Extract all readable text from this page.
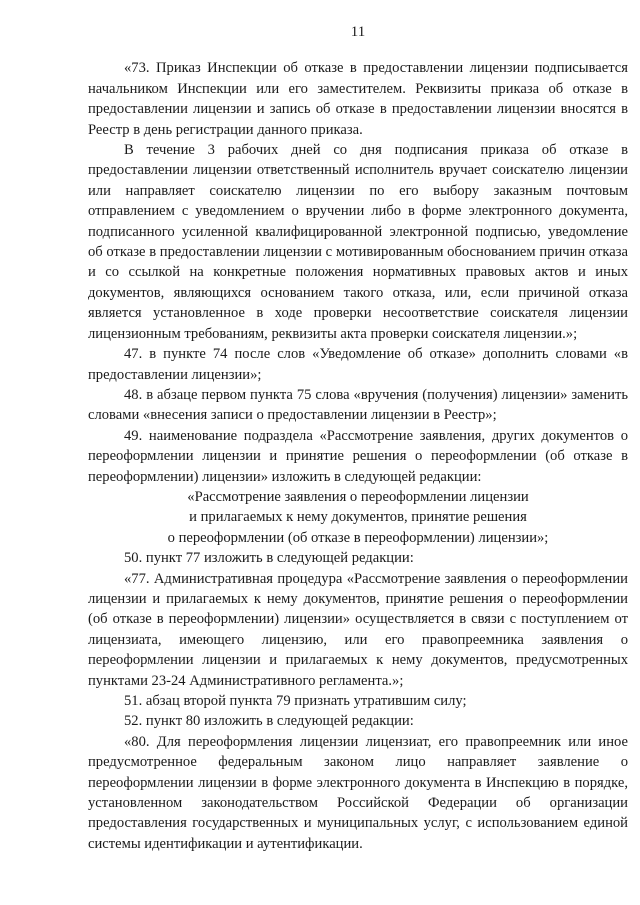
11

«73. Приказ Инспекции об отказе в предоставлении лицензии подписывается начальником Инспекции или его заместителем. Реквизиты приказа об отказе в предоставлении лицензии и запись об отказе в предоставлении лицензии вносятся в Реестр в день регистрации данного приказа.

В течение 3 рабочих дней со дня подписания приказа об отказе в предоставлении лицензии ответственный исполнитель вручает соискателю лицензии или направляет соискателю лицензии по его выбору заказным почтовым отправлением с уведомлением о вручении либо в форме электронного документа, подписанного усиленной квалифицированной электронной подписью, уведомление об отказе в предоставлении лицензии с мотивированным обоснованием причин отказа и со ссылкой на конкретные положения нормативных правовых актов и иных документов, являющихся основанием такого отказа, или, если причиной отказа является установленное в ходе проверки несоответствие соискателя лицензии лицензионным требованиям, реквизиты акта проверки соискателя лицензии.»;

47. в пункте 74 после слов «Уведомление об отказе» дополнить словами «в предоставлении лицензии»;

48. в абзаце первом пункта 75 слова «вручения (получения) лицензии» заменить словами «внесения записи о предоставлении лицензии в Реестр»;

49. наименование подраздела «Рассмотрение заявления, других документов о переоформлении лицензии и принятие решения о переоформлении (об отказе в переоформлении) лицензии» изложить в следующей редакции:

«Рассмотрение заявления о переоформлении лицензии
и прилагаемых к нему документов, принятие решения
о переоформлении (об отказе в переоформлении) лицензии»;

50. пункт 77 изложить в следующей редакции:

«77. Административная процедура «Рассмотрение заявления о переоформлении лицензии и прилагаемых к нему документов, принятие решения о переоформлении (об отказе в переоформлении) лицензии» осуществляется в связи с поступлением от лицензиата, имеющего лицензию, или его правопреемника заявления о переоформлении лицензии и прилагаемых к нему документов, предусмотренных пунктами 23-24 Административного регламента.»;

51. абзац второй пункта 79 признать утратившим силу;

52. пункт 80 изложить в следующей редакции:

«80. Для переоформления лицензии лицензиат, его правопреемник или иное предусмотренное федеральным законом лицо направляет заявление о переоформлении лицензии в форме электронного документа в Инспекцию в порядке, установленном законодательством Российской Федерации об организации предоставления государственных и муниципальных услуг, с использованием единой системы идентификации и аутентификации.
